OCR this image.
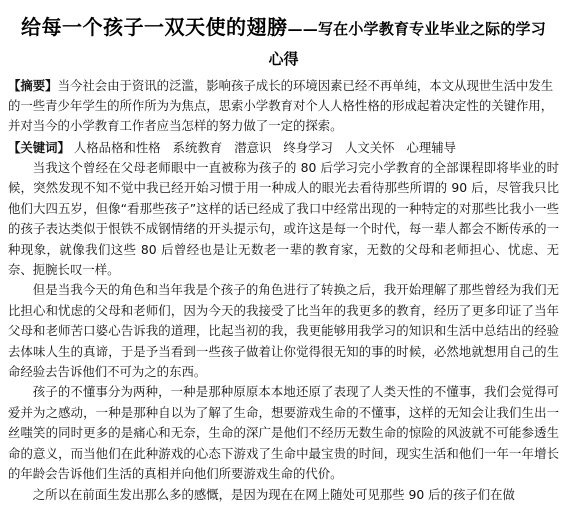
给每一个孩子一双天使的翅膀——写在小学教育专业毕业之际的学习
心得

【摘要】当今社会由于资讯的泛滥，影响孩子成长的环境因素已经不再单纯，本文从现世生活中发生的一些青少年学生的所作所为为焦点，思索小学教育对个人人格性格的形成起着决定性的关键作用，并对当今的小学教育工作者应当怎样的努力做了一定的探索。

【关键词】 人格品格和性格 系统教育 潜意识 终身学习 人文关怀 心理辅导

当我这个曾经在父母老师眼中一直被称为孩子的 80 后学习完小学教育的全部课程即将毕业的时候，突然发现不知不觉中我已经开始习惯于用一种成人的眼光去看待那些所谓的 90 后，尽管我只比他们大四五岁，但像“看那些孩子”这样的话已经成了我口中经常出现的一种特定的对那些比我小一些的孩子表达类似于恨铁不成钢情绪的开头提示句，或许这是每一个时代，每一辈人都会不断传承的一种现象，就像我们这些 80 后曾经也是让无数老一辈的教育家，无数的父母和老师担心、忧虑、无奈、扼腕长叹一样。

但是当我今天的角色和当年我是个孩子的角色进行了转换之后，我开始理解了那些曾经为我们无比担心和忧虑的父母和老师们，因为今天的我接受了比当年的我更多的教育，经历了更多印证了当年父母和老师苦口婆心告诉我的道理，比起当初的我，我更能够用我学习的知识和生活中总结出的经验去体味人生的真谛，于是予当看到一些孩子做着让你觉得很无知的事的时候，必然地就想用自己的生命经验去告诉他们不可为之的东西。

孩子的不懂事分为两种，一种是那种原原本本地还原了表现了人类天性的不懂事，我们会觉得可爱并为之感动，一种是那种自以为了解了生命，想要游戏生命的不懂事，这样的无知会让我们生出一丝嗤笑的同时更多的是痛心和无奈，生命的深广是他们不经历无数生命的惊险的风波就不可能参透生命的意义，而当他们在此种游戏的心态下游戏了生命中最宝贵的时间，现实生活和他们一年一年增长的年龄会告诉他们生活的真相并向他们所要游戏生命的代价。

之所以在前面生发出那么多的感慨，是因为现在在网上随处可见那些 90 后的孩子们在做
